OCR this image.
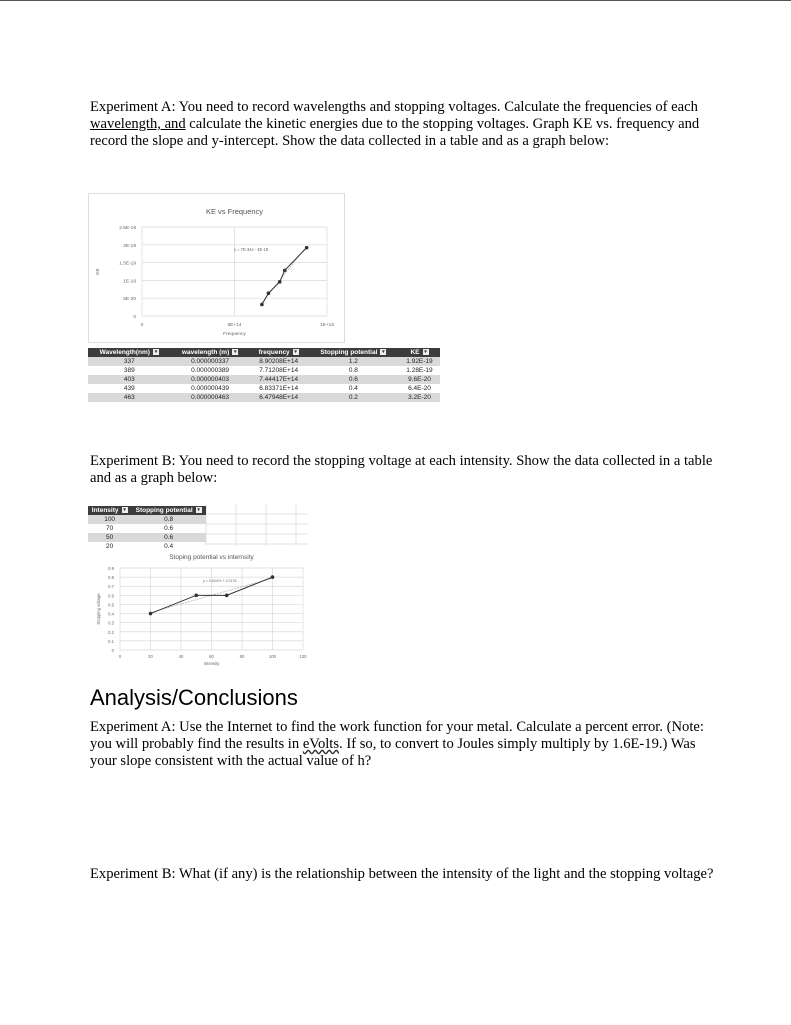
Experiment A: You need to record wavelengths and stopping voltages. Calculate the frequencies of each wavelength, and calculate the kinetic energies due to the stopping voltages. Graph KE vs. frequency and record the slope and y-intercept. Show the data collected in a table and as a graph below:

KE vs Frequency
0
5E-20
1E-19
1.5E-19
2E-19
2.5E-19
0	5E+14	1E+15
Frequency
KE
y = 7E-34x - 4E-19
Wavelength(nm) ▾	wavelength (m) ▾	frequency ▾	Stopping potential ▾	KE ▾
337	0.000000337	8.90208E+14	1.2	1.92E-19
389	0.000000389	7.71208E+14	0.8	1.28E-19
403	0.000000403	7.44417E+14	0.6	9.6E-20
439	0.000000439	6.83371E+14	0.4	6.4E-20
463	0.000000463	6.47948E+14	0.2	3.2E-20

Experiment B: You need to record the stopping voltage at each intensity. Show the data collected in a table and as a graph below:

Intensity ▾	Stopping potential ▾
100	0.8
70	0.6
50	0.6
20	0.4
Stoping potential vs internsity
0
0.1
0.2
0.3
0.4
0.5
0.6
0.7
0.8
0.9
0	20	40	60	80	100	120
Intensity
Stopping voltage
y = 0.0047x + 0.3176
Analysis/Conclusions

Experiment A: Use the Internet to find the work function for your metal. Calculate a percent error. (Note: you will probably find the results in eVolts. If so, to convert to Joules simply multiply by 1.6E-19.) Was your slope consistent with the actual value of h?

Experiment B: What (if any) is the relationship between the intensity of the light and the stopping voltage?
